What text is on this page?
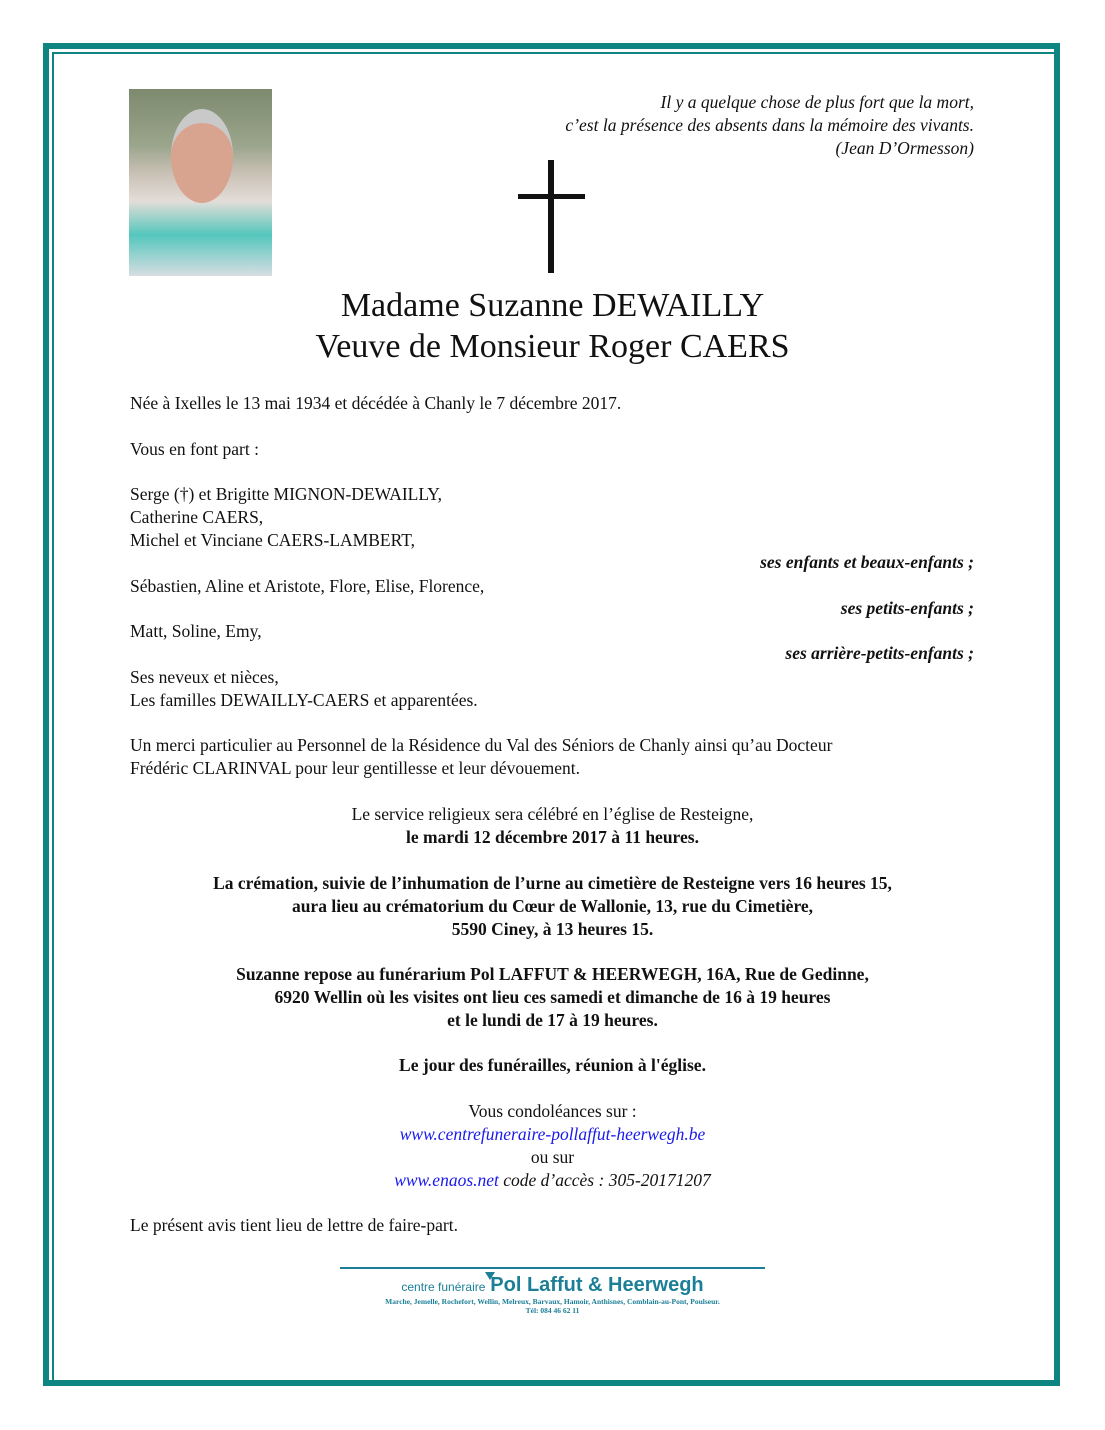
Il y a quelque chose de plus fort que la mort,
c’est la présence des absents dans la mémoire des vivants.
(Jean D’Ormesson)
Madame Suzanne DEWAILLY
Veuve de Monsieur Roger CAERS
Née à Ixelles le 13 mai 1934 et décédée à Chanly le 7 décembre 2017.
Vous en font part :
Serge (†) et Brigitte MIGNON-DEWAILLY,
Catherine CAERS,
Michel et Vinciane CAERS-LAMBERT,
ses enfants et beaux-enfants ;
Sébastien, Aline et Aristote, Flore, Elise, Florence,
ses petits-enfants ;
Matt, Soline, Emy,
ses arrière-petits-enfants ;
Ses neveux et nièces,
Les familles DEWAILLY-CAERS et apparentées.
Un merci particulier au Personnel de la Résidence du Val des Séniors de Chanly ainsi qu’au Docteur
Frédéric CLARINVAL pour leur gentillesse et leur dévouement.
Le service religieux sera célébré en l’église de Resteigne,
le mardi 12 décembre 2017 à 11 heures.
La crémation, suivie de l’inhumation de l’urne au cimetière de Resteigne vers 16 heures 15,
aura lieu au crématorium du Cœur de Wallonie, 13, rue du Cimetière,
5590 Ciney, à 13 heures 15.
Suzanne repose au funérarium Pol LAFFUT & HEERWEGH, 16A, Rue de Gedinne,
6920 Wellin où les visites ont lieu ces samedi et dimanche de 16 à 19 heures
et le lundi de 17 à 19 heures.
Le jour des funérailles, réunion à l'église.
Vous condoléances sur :
www.centrefuneraire-pollaffut-heerwegh.be
ou sur
www.enaos.net code d’accès : 305-20171207
Le présent avis tient lieu de lettre de faire-part.
centre funéraire Pol Laffut & Heerwegh
Marche, Jemelle, Rochefort, Wellin, Melreux, Barvaux, Hamoir, Anthisnes, Comblain-au-Pont, Poulseur.
Tél: 084 46 62 11
